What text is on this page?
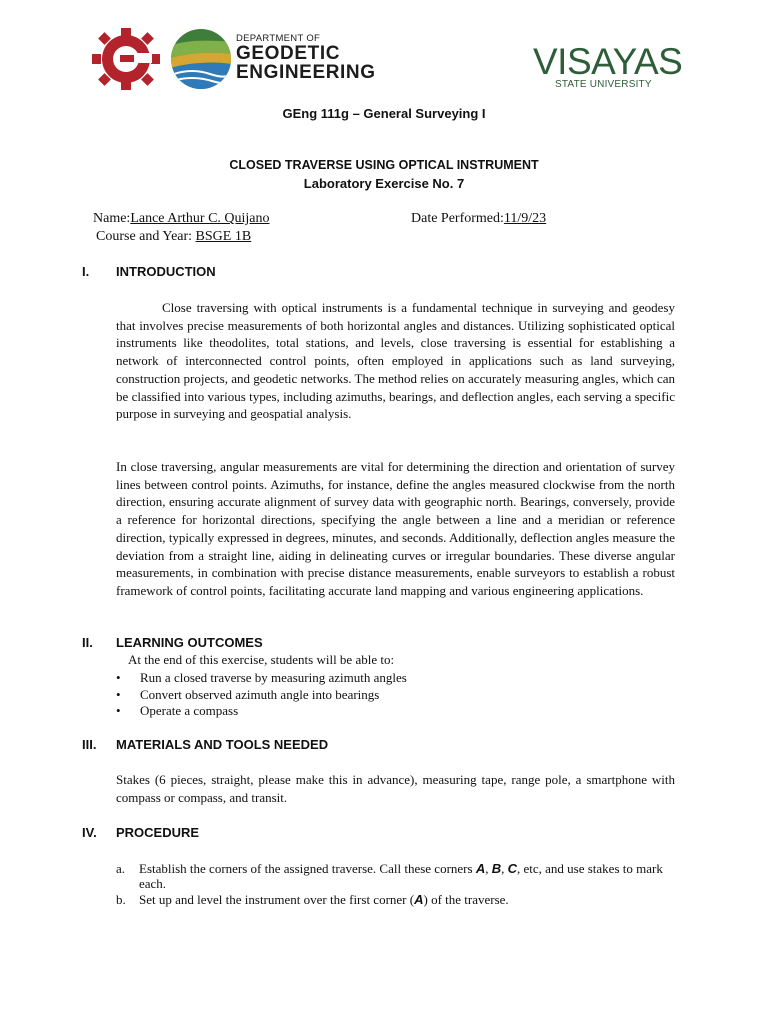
DEPARTMENT OF
GEODETIC
ENGINEERING	VISAYAS
STATE UNIVERSITY
GEng 111g – General Surveying I
CLOSED TRAVERSE USING OPTICAL INSTRUMENT
Laboratory Exercise No. 7
Name:Lance Arthur C. Quijano	Date Performed:11/9/23
Course and Year: BSGE 1B
I. INTRODUCTION
Close traversing with optical instruments is a fundamental technique in surveying and geodesy that involves precise measurements of both horizontal angles and distances. Utilizing sophisticated optical instruments like theodolites, total stations, and levels, close traversing is essential for establishing a network of interconnected control points, often employed in applications such as land surveying, construction projects, and geodetic networks. The method relies on accurately measuring angles, which can be classified into various types, including azimuths, bearings, and deflection angles, each serving a specific purpose in surveying and geospatial analysis.
In close traversing, angular measurements are vital for determining the direction and orientation of survey lines between control points. Azimuths, for instance, define the angles measured clockwise from the north direction, ensuring accurate alignment of survey data with geographic north. Bearings, conversely, provide a reference for horizontal directions, specifying the angle between a line and a meridian or reference direction, typically expressed in degrees, minutes, and seconds. Additionally, deflection angles measure the deviation from a straight line, aiding in delineating curves or irregular boundaries. These diverse angular measurements, in combination with precise distance measurements, enable surveyors to establish a robust framework of control points, facilitating accurate land mapping and various engineering applications.
II. LEARNING OUTCOMES
At the end of this exercise, students will be able to:
• Run a closed traverse by measuring azimuth angles
• Convert observed azimuth angle into bearings
• Operate a compass
III. MATERIALS AND TOOLS NEEDED
Stakes (6 pieces, straight, please make this in advance), measuring tape, range pole, a smartphone with compass or compass, and transit.
IV. PROCEDURE
a. Establish the corners of the assigned traverse. Call these corners A, B, C, etc, and use stakes to mark each.
b. Set up and level the instrument over the first corner (A) of the traverse.
